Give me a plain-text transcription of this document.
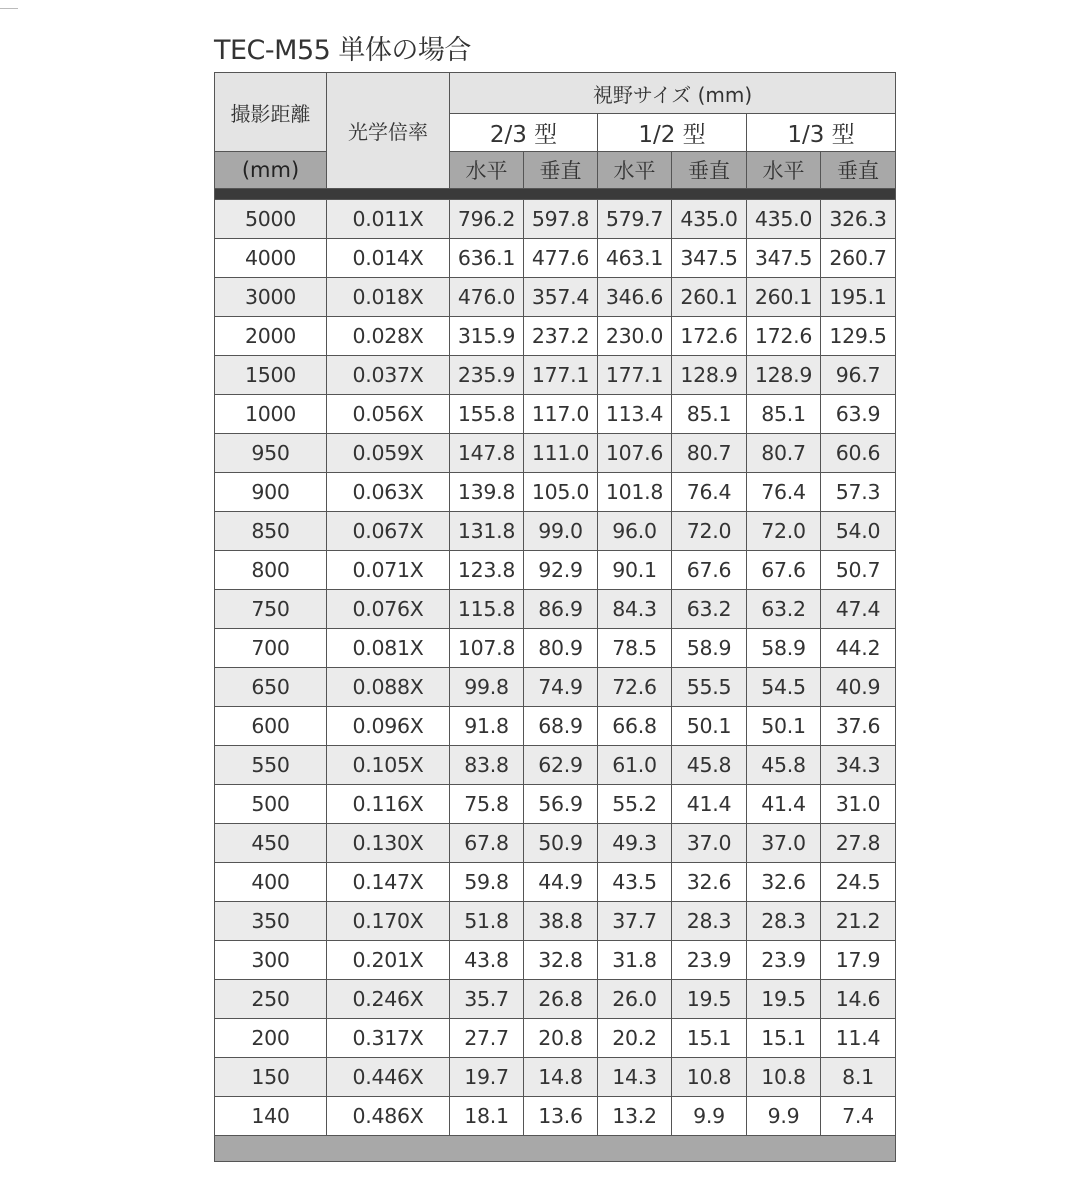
TEC-M55 単体の場合
撮影距離	光学倍率	視野サイズ (mm)					
		2/3 型		1/2 型		1/3 型	
(mm)		水平	垂直	水平	垂直	水平	垂直

5000	0.011X	796.2	597.8	579.7	435.0	435.0	326.3
4000	0.014X	636.1	477.6	463.1	347.5	347.5	260.7
3000	0.018X	476.0	357.4	346.6	260.1	260.1	195.1
2000	0.028X	315.9	237.2	230.0	172.6	172.6	129.5
1500	0.037X	235.9	177.1	177.1	128.9	128.9	96.7
1000	0.056X	155.8	117.0	113.4	85.1	85.1	63.9
950	0.059X	147.8	111.0	107.6	80.7	80.7	60.6
900	0.063X	139.8	105.0	101.8	76.4	76.4	57.3
850	0.067X	131.8	99.0	96.0	72.0	72.0	54.0
800	0.071X	123.8	92.9	90.1	67.6	67.6	50.7
750	0.076X	115.8	86.9	84.3	63.2	63.2	47.4
700	0.081X	107.8	80.9	78.5	58.9	58.9	44.2
650	0.088X	99.8	74.9	72.6	55.5	54.5	40.9
600	0.096X	91.8	68.9	66.8	50.1	50.1	37.6
550	0.105X	83.8	62.9	61.0	45.8	45.8	34.3
500	0.116X	75.8	56.9	55.2	41.4	41.4	31.0
450	0.130X	67.8	50.9	49.3	37.0	37.0	27.8
400	0.147X	59.8	44.9	43.5	32.6	32.6	24.5
350	0.170X	51.8	38.8	37.7	28.3	28.3	21.2
300	0.201X	43.8	32.8	31.8	23.9	23.9	17.9
250	0.246X	35.7	26.8	26.0	19.5	19.5	14.6
200	0.317X	27.7	20.8	20.2	15.1	15.1	11.4
150	0.446X	19.7	14.8	14.3	10.8	10.8	8.1
140	0.486X	18.1	13.6	13.2	9.9	9.9	7.4
